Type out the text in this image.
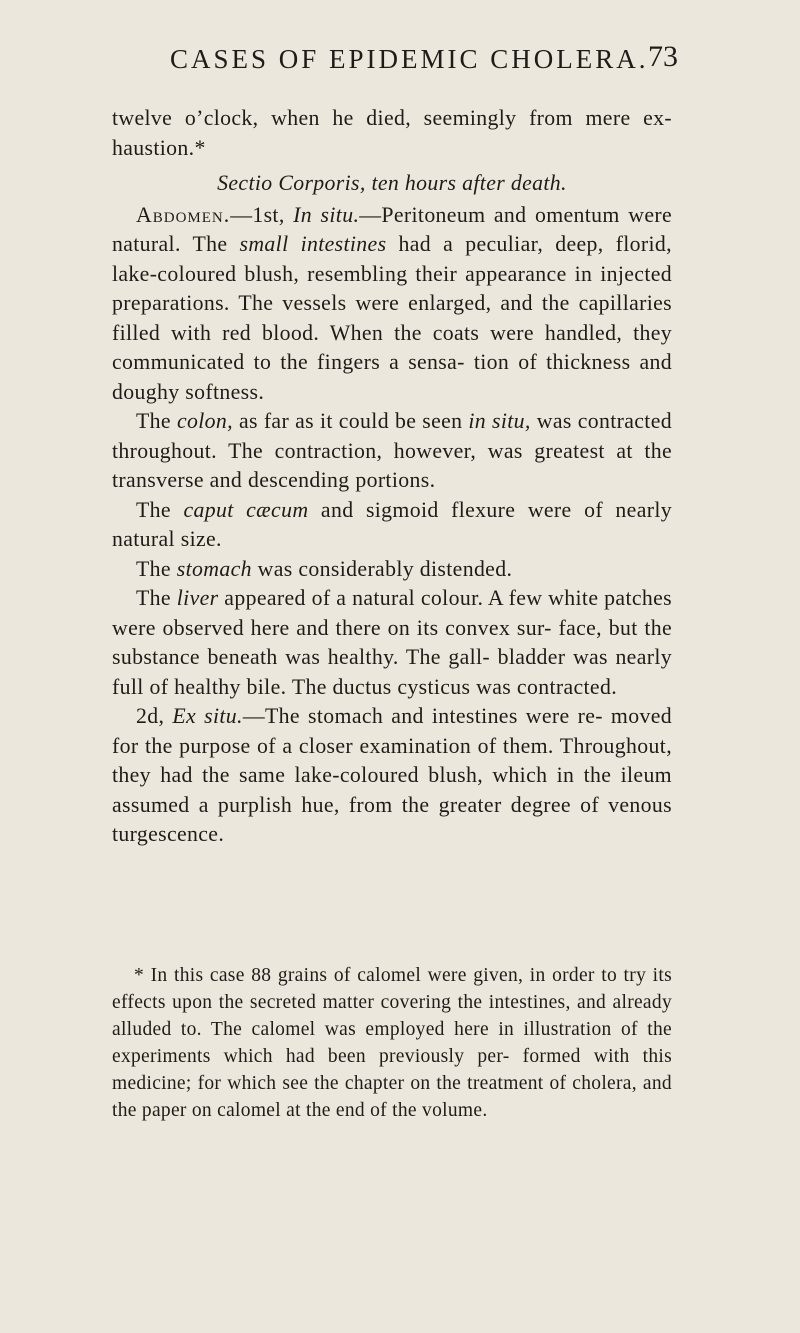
CASES OF EPIDEMIC CHOLERA. 73

twelve o’clock, when he died, seemingly from mere ex- haustion.*

Sectio Corporis, ten hours after death.

Abdomen.—1st, In situ.—Peritoneum and omentum were natural. The small intestines had a peculiar, deep, florid, lake-coloured blush, resembling their appearance in injected preparations. The vessels were enlarged, and the capillaries filled with red blood. When the coats were handled, they communicated to the fingers a sensa- tion of thickness and doughy softness.

The colon, as far as it could be seen in situ, was contracted throughout. The contraction, however, was greatest at the transverse and descending portions.

The caput cæcum and sigmoid flexure were of nearly natural size.

The stomach was considerably distended.

The liver appeared of a natural colour. A few white patches were observed here and there on its convex sur- face, but the substance beneath was healthy. The gall- bladder was nearly full of healthy bile. The ductus cysticus was contracted.

2d, Ex situ.—The stomach and intestines were re- moved for the purpose of a closer examination of them. Throughout, they had the same lake-coloured blush, which in the ileum assumed a purplish hue, from the greater degree of venous turgescence.

* In this case 88 grains of calomel were given, in order to try its effects upon the secreted matter covering the intestines, and already alluded to. The calomel was employed here in illustration of the experiments which had been previously per- formed with this medicine; for which see the chapter on the treatment of cholera, and the paper on calomel at the end of the volume.
